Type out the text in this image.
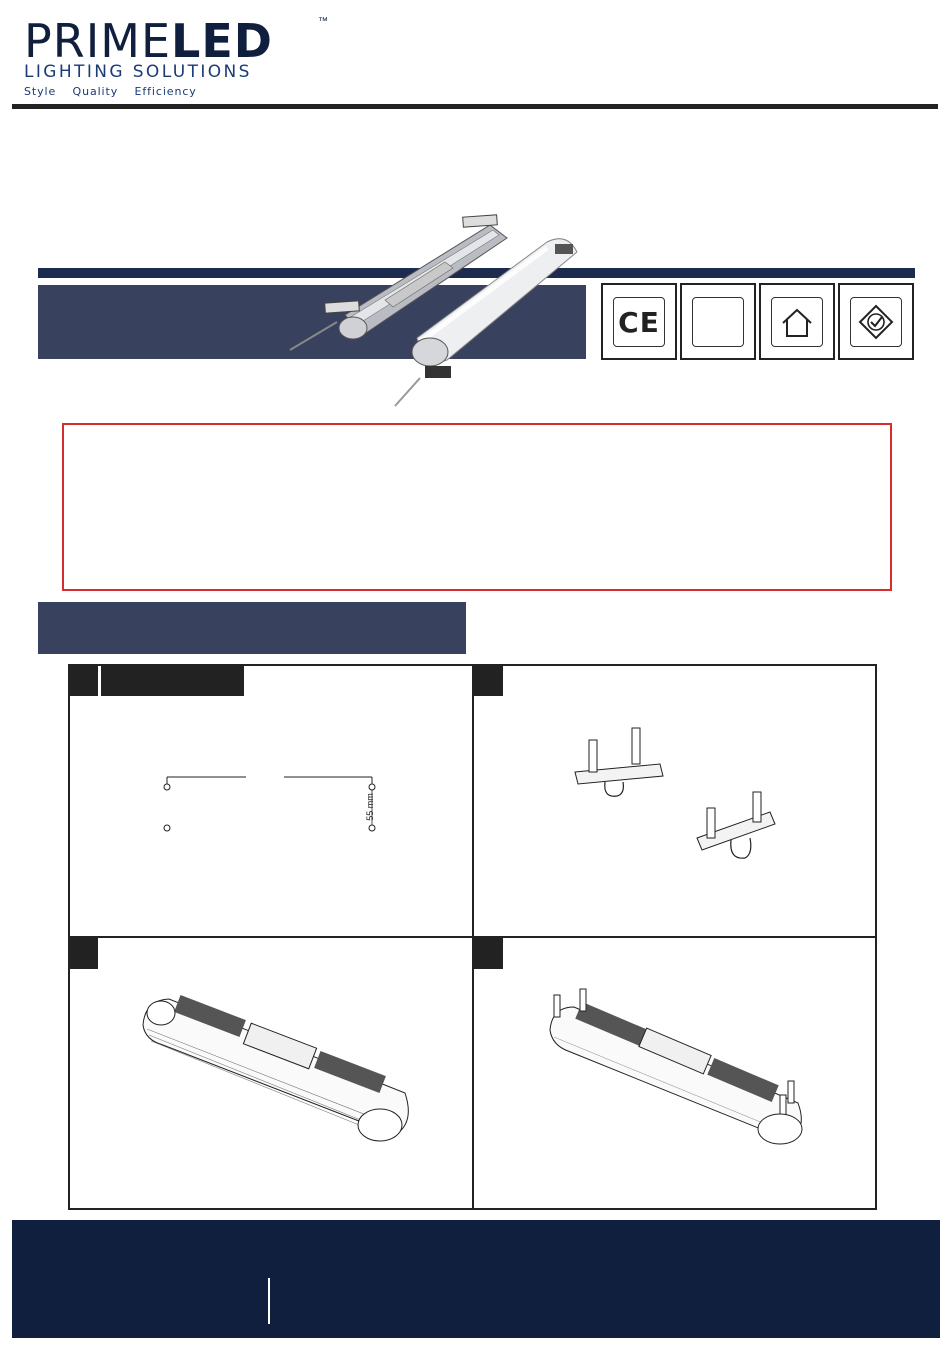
PRIMELED	™
LIGHTING SOLUTIONS
Style Quality Efficiency
CE
55 mm
